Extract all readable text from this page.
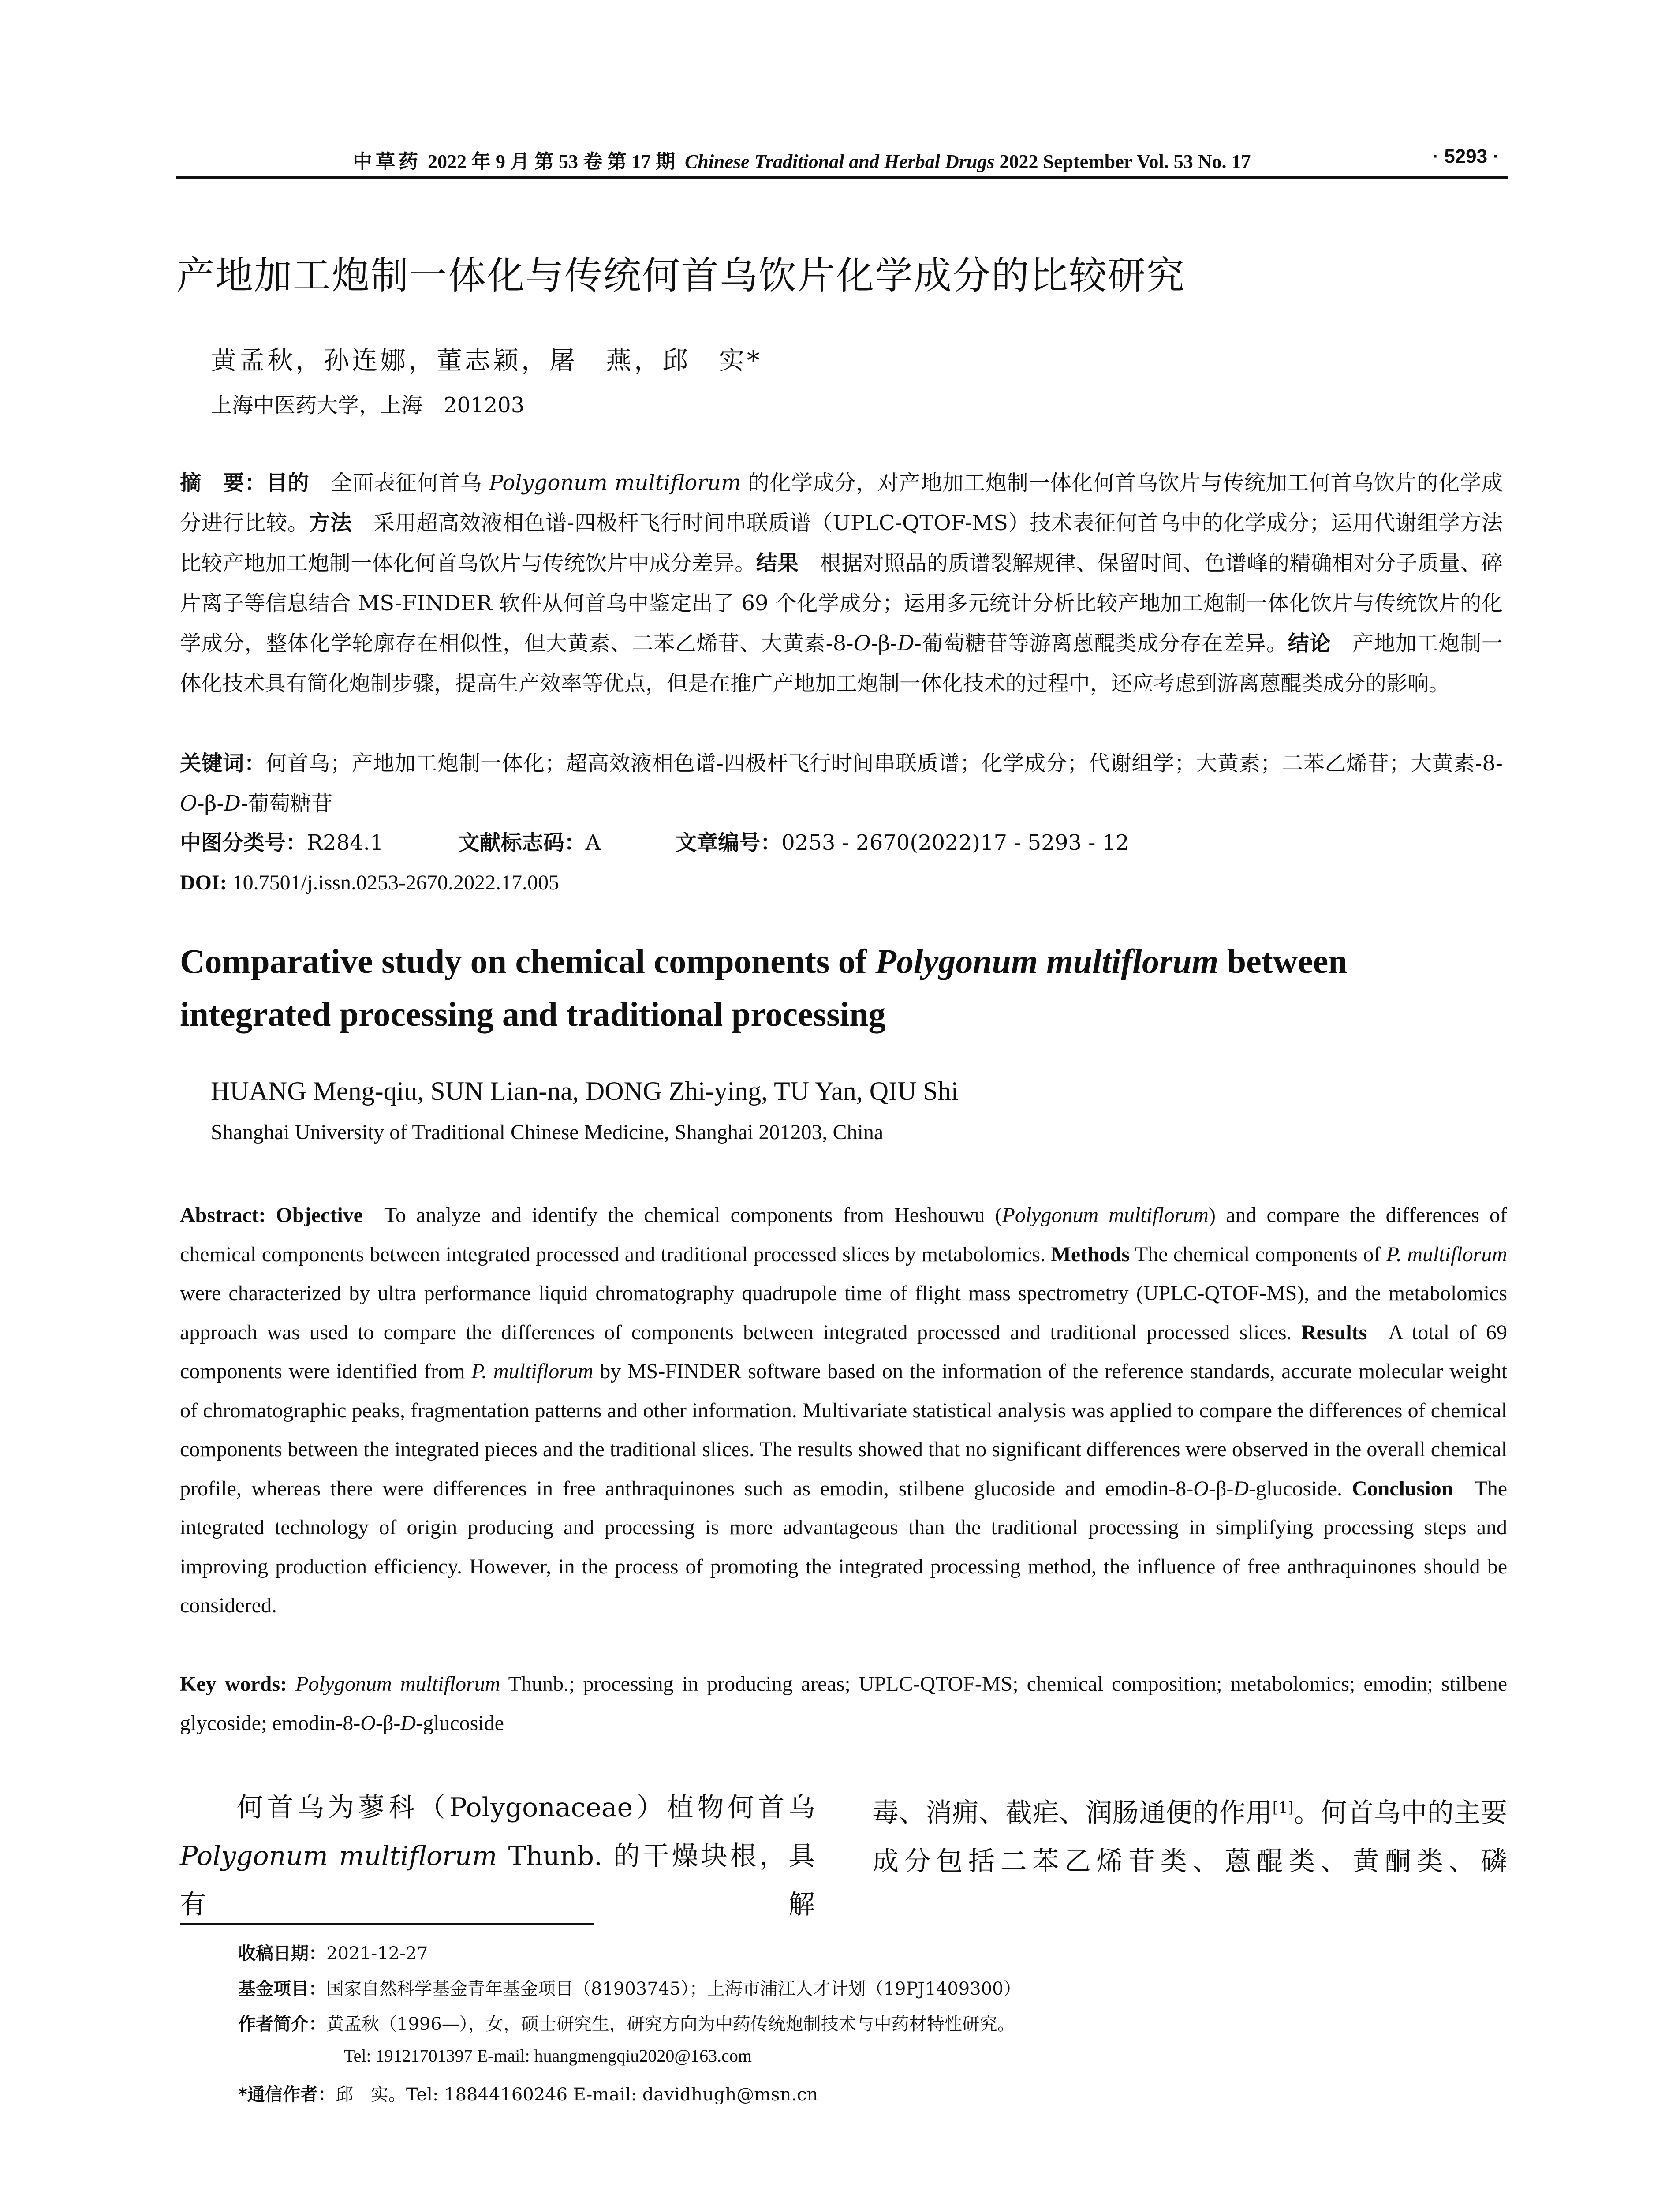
中草药 2022 年 9 月 第 53 卷 第 17 期 Chinese Traditional and Herbal Drugs 2022 September Vol. 53 No. 17	· 5293 ·
产地加工炮制一体化与传统何首乌饮片化学成分的比较研究
黄孟秋，孙连娜，董志颖，屠　燕，邱　实*
上海中医药大学，上海　201203
摘　要：目的  全面表征何首乌 Polygonum multiflorum 的化学成分，对产地加工炮制一体化何首乌饮片与传统加工何首乌饮片的化学成分进行比较。方法  采用超高效液相色谱-四极杆飞行时间串联质谱（UPLC-QTOF-MS）技术表征何首乌中的化学成分；运用代谢组学方法比较产地加工炮制一体化何首乌饮片与传统饮片中成分差异。结果  根据对照品的质谱裂解规律、保留时间、色谱峰的精确相对分子质量、碎片离子等信息结合 MS-FINDER 软件从何首乌中鉴定出了 69 个化学成分；运用多元统计分析比较产地加工炮制一体化饮片与传统饮片的化学成分，整体化学轮廓存在相似性，但大黄素、二苯乙烯苷、大黄素-8-O-β-D-葡萄糖苷等游离蒽醌类成分存在差异。结论  产地加工炮制一体化技术具有简化炮制步骤，提高生产效率等优点，但是在推广产地加工炮制一体化技术的过程中，还应考虑到游离蒽醌类成分的影响。
关键词：何首乌；产地加工炮制一体化；超高效液相色谱-四极杆飞行时间串联质谱；化学成分；代谢组学；大黄素；二苯乙烯苷；大黄素-8-O-β-D-葡萄糖苷
中图分类号：R284.1	文献标志码：A	文章编号：0253 - 2670(2022)17 - 5293 - 12
DOI: 10.7501/j.issn.0253-2670.2022.17.005
Comparative study on chemical components of Polygonum multiflorum between integrated processing and traditional processing
HUANG Meng-qiu, SUN Lian-na, DONG Zhi-ying, TU Yan, QIU Shi
Shanghai University of Traditional Chinese Medicine, Shanghai 201203, China
Abstract: Objective  To analyze and identify the chemical components from Heshouwu (Polygonum multiflorum) and compare the differences of chemical components between integrated processed and traditional processed slices by metabolomics. Methods The chemical components of P. multiflorum were characterized by ultra performance liquid chromatography quadrupole time of flight mass spectrometry (UPLC-QTOF-MS), and the metabolomics approach was used to compare the differences of components between integrated processed and traditional processed slices. Results  A total of 69 components were identified from P. multiflorum by MS-FINDER software based on the information of the reference standards, accurate molecular weight of chromatographic peaks, fragmentation patterns and other information. Multivariate statistical analysis was applied to compare the differences of chemical components between the integrated pieces and the traditional slices. The results showed that no significant differences were observed in the overall chemical profile, whereas there were differences in free anthraquinones such as emodin, stilbene glucoside and emodin-8-O-β-D-glucoside. Conclusion  The integrated technology of origin producing and processing is more advantageous than the traditional processing in simplifying processing steps and improving production efficiency. However, in the process of promoting the integrated processing method, the influence of free anthraquinones should be considered.
Key words: Polygonum multiflorum Thunb.; processing in producing areas; UPLC-QTOF-MS; chemical composition; metabolomics; emodin; stilbene glycoside; emodin-8-O-β-D-glucoside
何首乌为蓼科（Polygonaceae）植物何首乌 Polygonum multiflorum Thunb. 的干燥块根，具有解
毒、消痈、截疟、润肠通便的作用[1]。何首乌中的主要成分包括二苯乙烯苷类、蒽醌类、黄酮类、磷
收稿日期：2021-12-27
基金项目：国家自然科学基金青年基金项目（81903745）；上海市浦江人才计划（19PJ1409300）
作者简介：黄孟秋（1996—），女，硕士研究生，研究方向为中药传统炮制技术与中药材特性研究。
Tel: 19121701397 E-mail: huangmengqiu2020@163.com
*通信作者：邱　实。Tel: 18844160246 E-mail: davidhugh@msn.cn
